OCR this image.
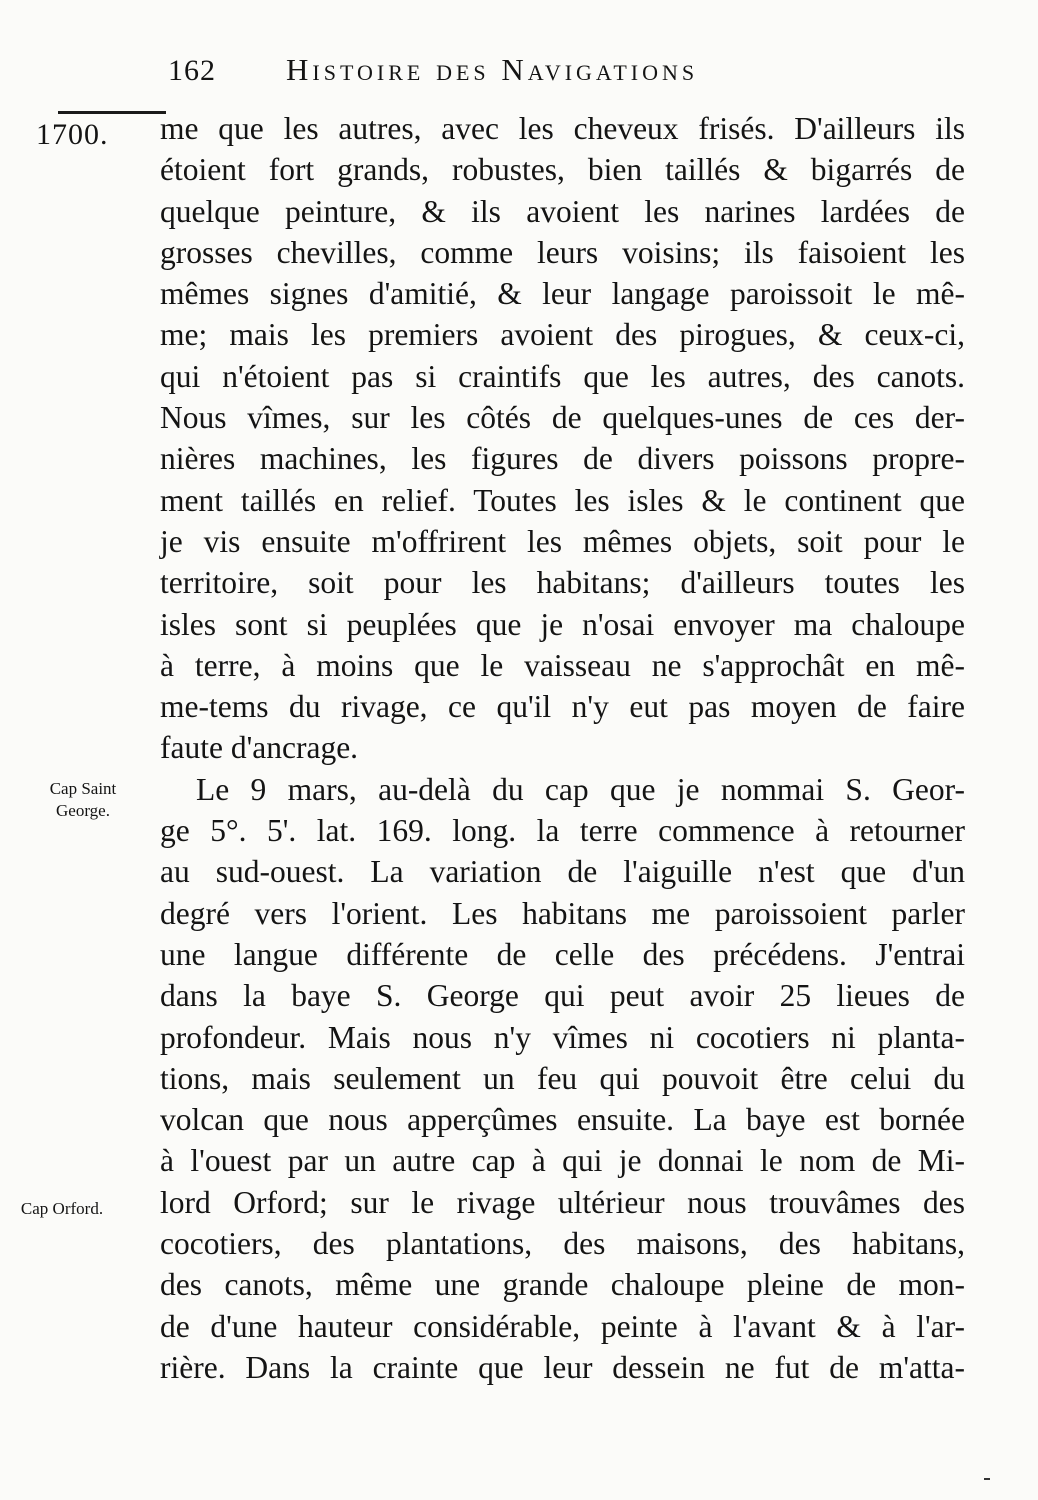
162 Histoire des Navigations
1700.
Cap Saint George.
Cap Orford.
me que les autres, avec les cheveux frisés. D'ailleurs ils
étoient fort grands, robustes, bien taillés & bigarrés de
quelque peinture, & ils avoient les narines lardées de
grosses chevilles, comme leurs voisins; ils faisoient les
mêmes signes d'amitié, & leur langage paroissoit le mê-
me; mais les premiers avoient des pirogues, & ceux-ci,
qui n'étoient pas si craintifs que les autres, des canots.
Nous vîmes, sur les côtés de quelques-unes de ces der-
nières machines, les figures de divers poissons propre-
ment taillés en relief. Toutes les isles & le continent que
je vis ensuite m'offrirent les mêmes objets, soit pour le
territoire, soit pour les habitans; d'ailleurs toutes les
isles sont si peuplées que je n'osai envoyer ma chaloupe
à terre, à moins que le vaisseau ne s'approchât en mê-
me-tems du rivage, ce qu'il n'y eut pas moyen de faire
faute d'ancrage.
Le 9 mars, au-delà du cap que je nommai S. Geor-
ge 5°. 5'. lat. 169. long. la terre commence à retourner
au sud-ouest. La variation de l'aiguille n'est que d'un
degré vers l'orient. Les habitans me paroissoient parler
une langue différente de celle des précédens. J'entrai
dans la baye S. George qui peut avoir 25 lieues de
profondeur. Mais nous n'y vîmes ni cocotiers ni planta-
tions, mais seulement un feu qui pouvoit être celui du
volcan que nous apperçûmes ensuite. La baye est bornée
à l'ouest par un autre cap à qui je donnai le nom de Mi-
lord Orford; sur le rivage ultérieur nous trouvâmes des
cocotiers, des plantations, des maisons, des habitans,
des canots, même une grande chaloupe pleine de mon-
de d'une hauteur considérable, peinte à l'avant & à l'ar-
rière. Dans la crainte que leur dessein ne fut de m'atta-
